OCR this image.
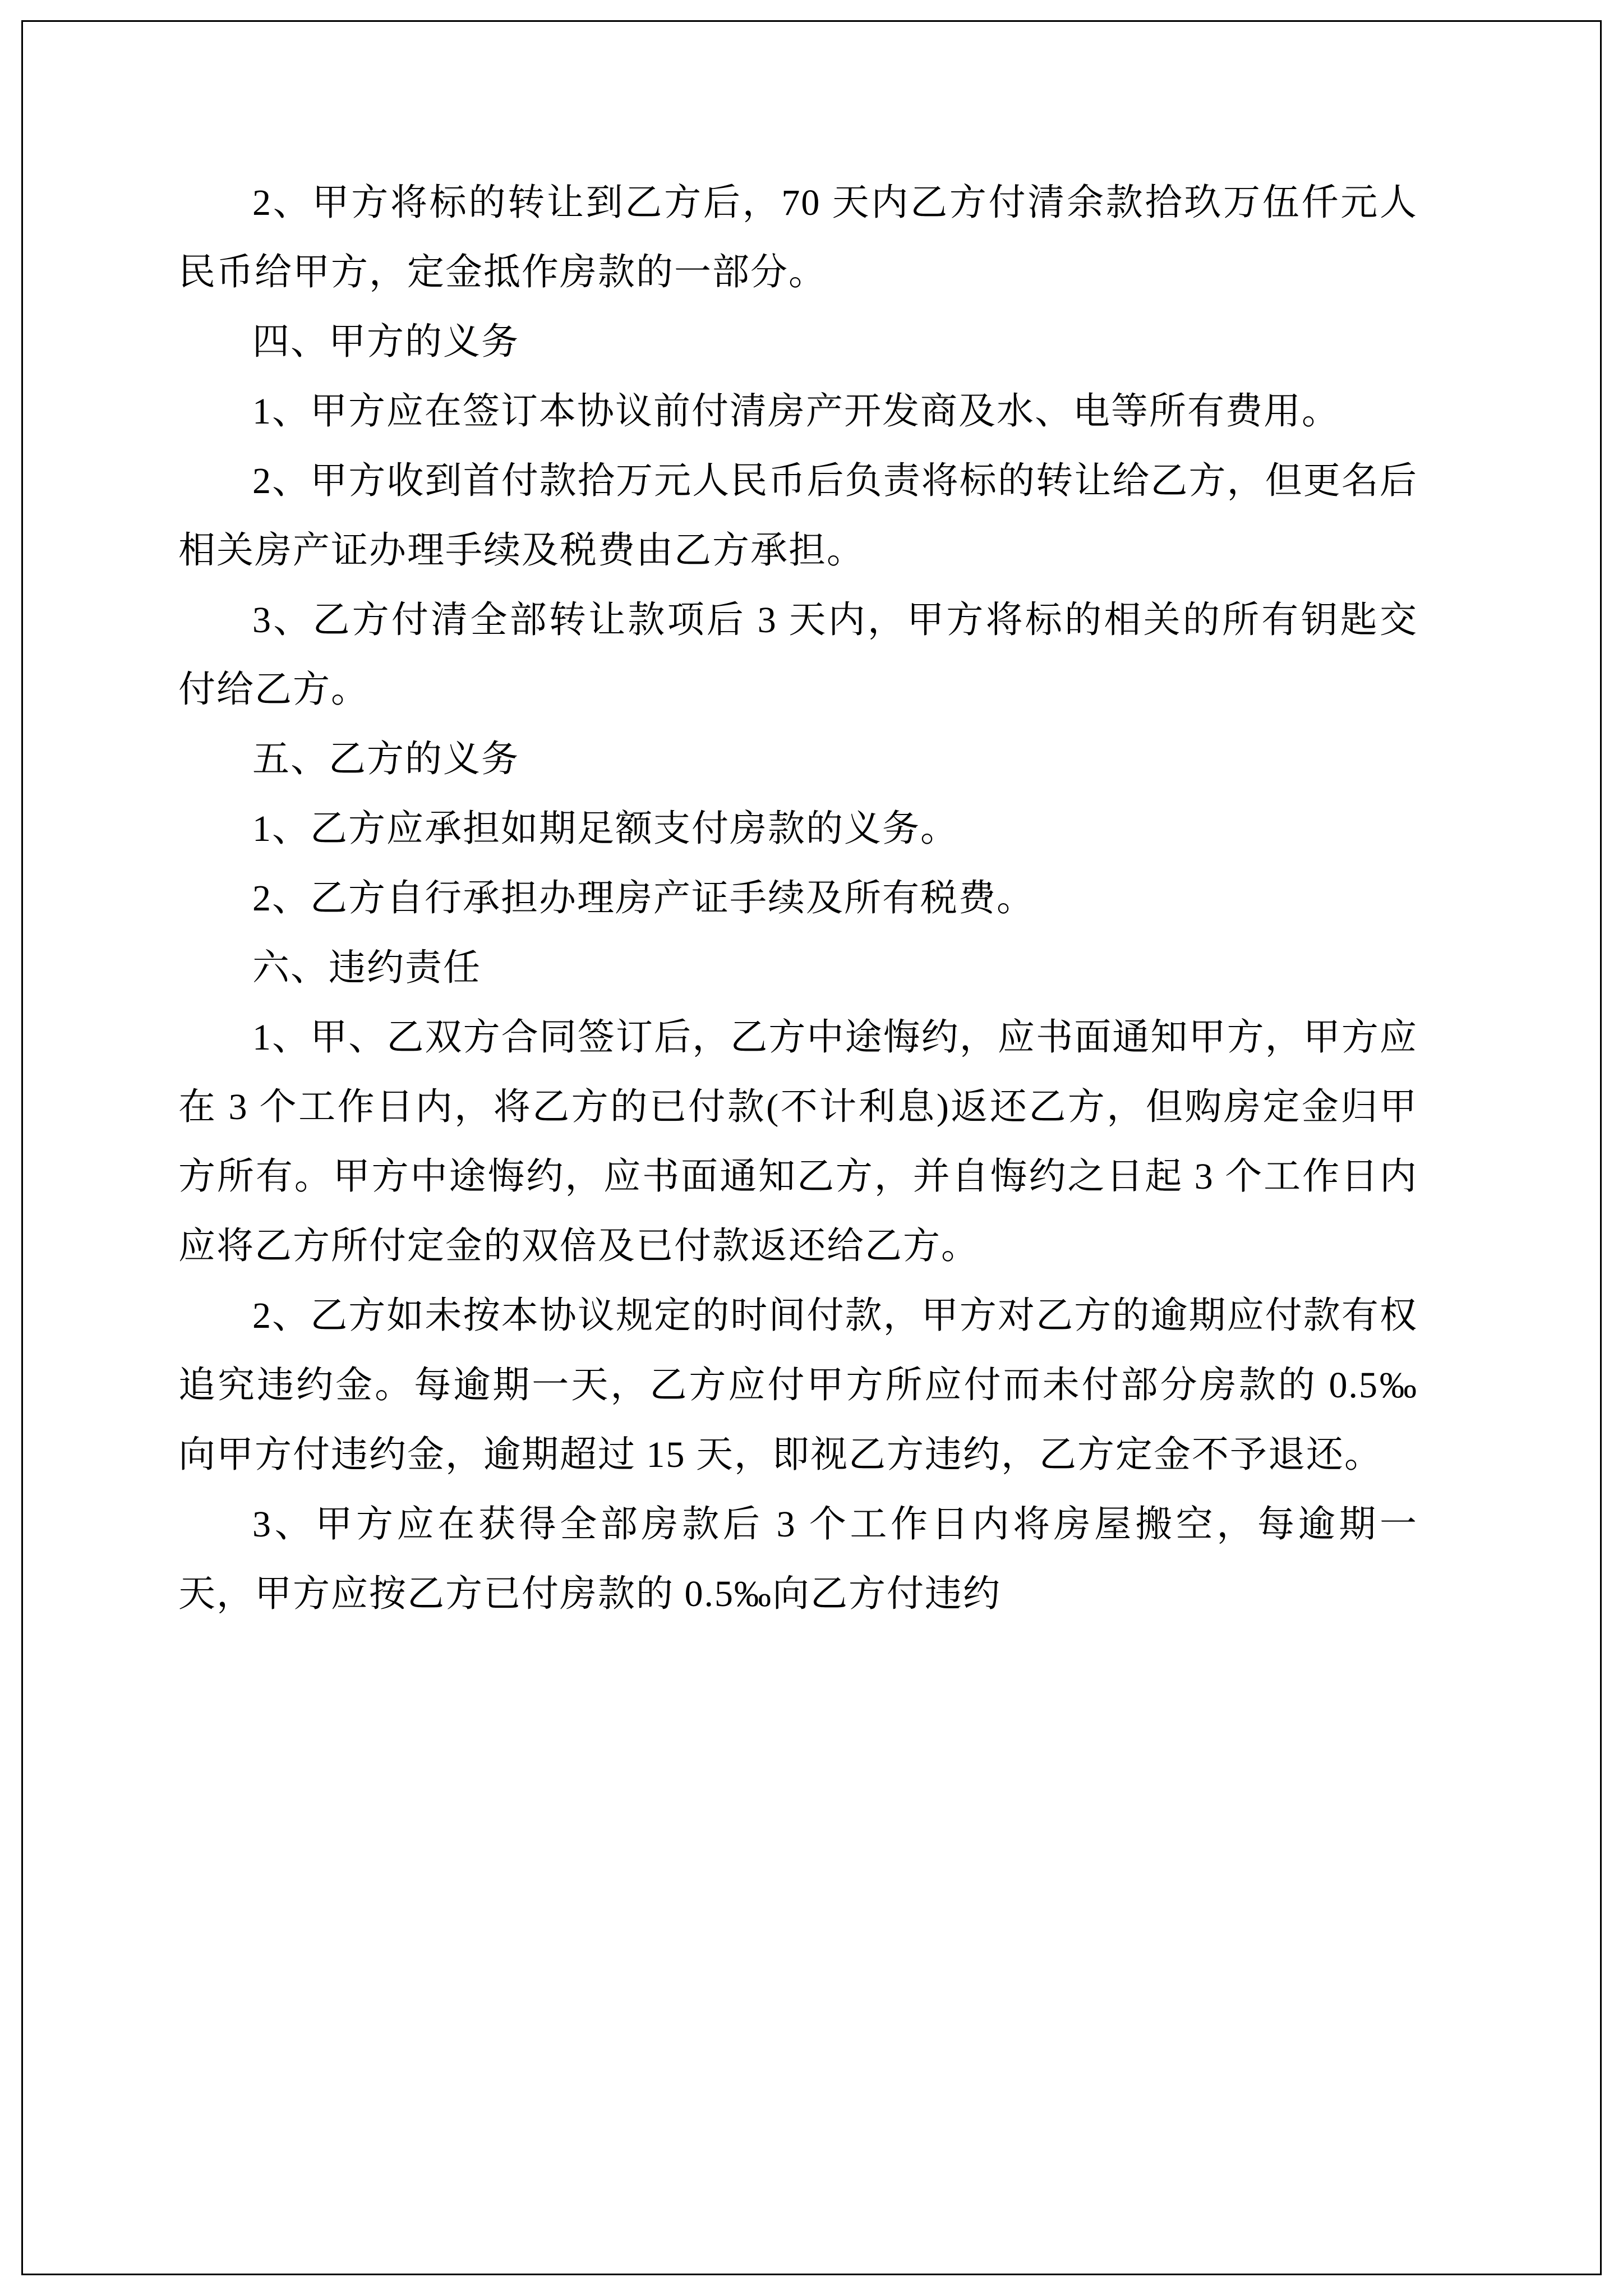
2、甲方将标的转让到乙方后，70 天内乙方付清余款拾玖万伍仟元人民币给甲方，定金抵作房款的一部分。

四、甲方的义务

1、甲方应在签订本协议前付清房产开发商及水、电等所有费用。

2、甲方收到首付款拾万元人民币后负责将标的转让给乙方，但更名后相关房产证办理手续及税费由乙方承担。

3、乙方付清全部转让款项后 3 天内，甲方将标的相关的所有钥匙交付给乙方。

五、乙方的义务

1、乙方应承担如期足额支付房款的义务。

2、乙方自行承担办理房产证手续及所有税费。

六、违约责任

1、甲、乙双方合同签订后，乙方中途悔约，应书面通知甲方，甲方应在 3 个工作日内，将乙方的已付款(不计利息)返还乙方，但购房定金归甲方所有。甲方中途悔约，应书面通知乙方，并自悔约之日起 3 个工作日内应将乙方所付定金的双倍及已付款返还给乙方。

2、乙方如未按本协议规定的时间付款，甲方对乙方的逾期应付款有权追究违约金。每逾期一天，乙方应付甲方所应付而未付部分房款的 0.5‰向甲方付违约金，逾期超过 15 天，即视乙方违约，乙方定金不予退还。

3、甲方应在获得全部房款后 3 个工作日内将房屋搬空，每逾期一天，甲方应按乙方已付房款的 0.5‰向乙方付违约
